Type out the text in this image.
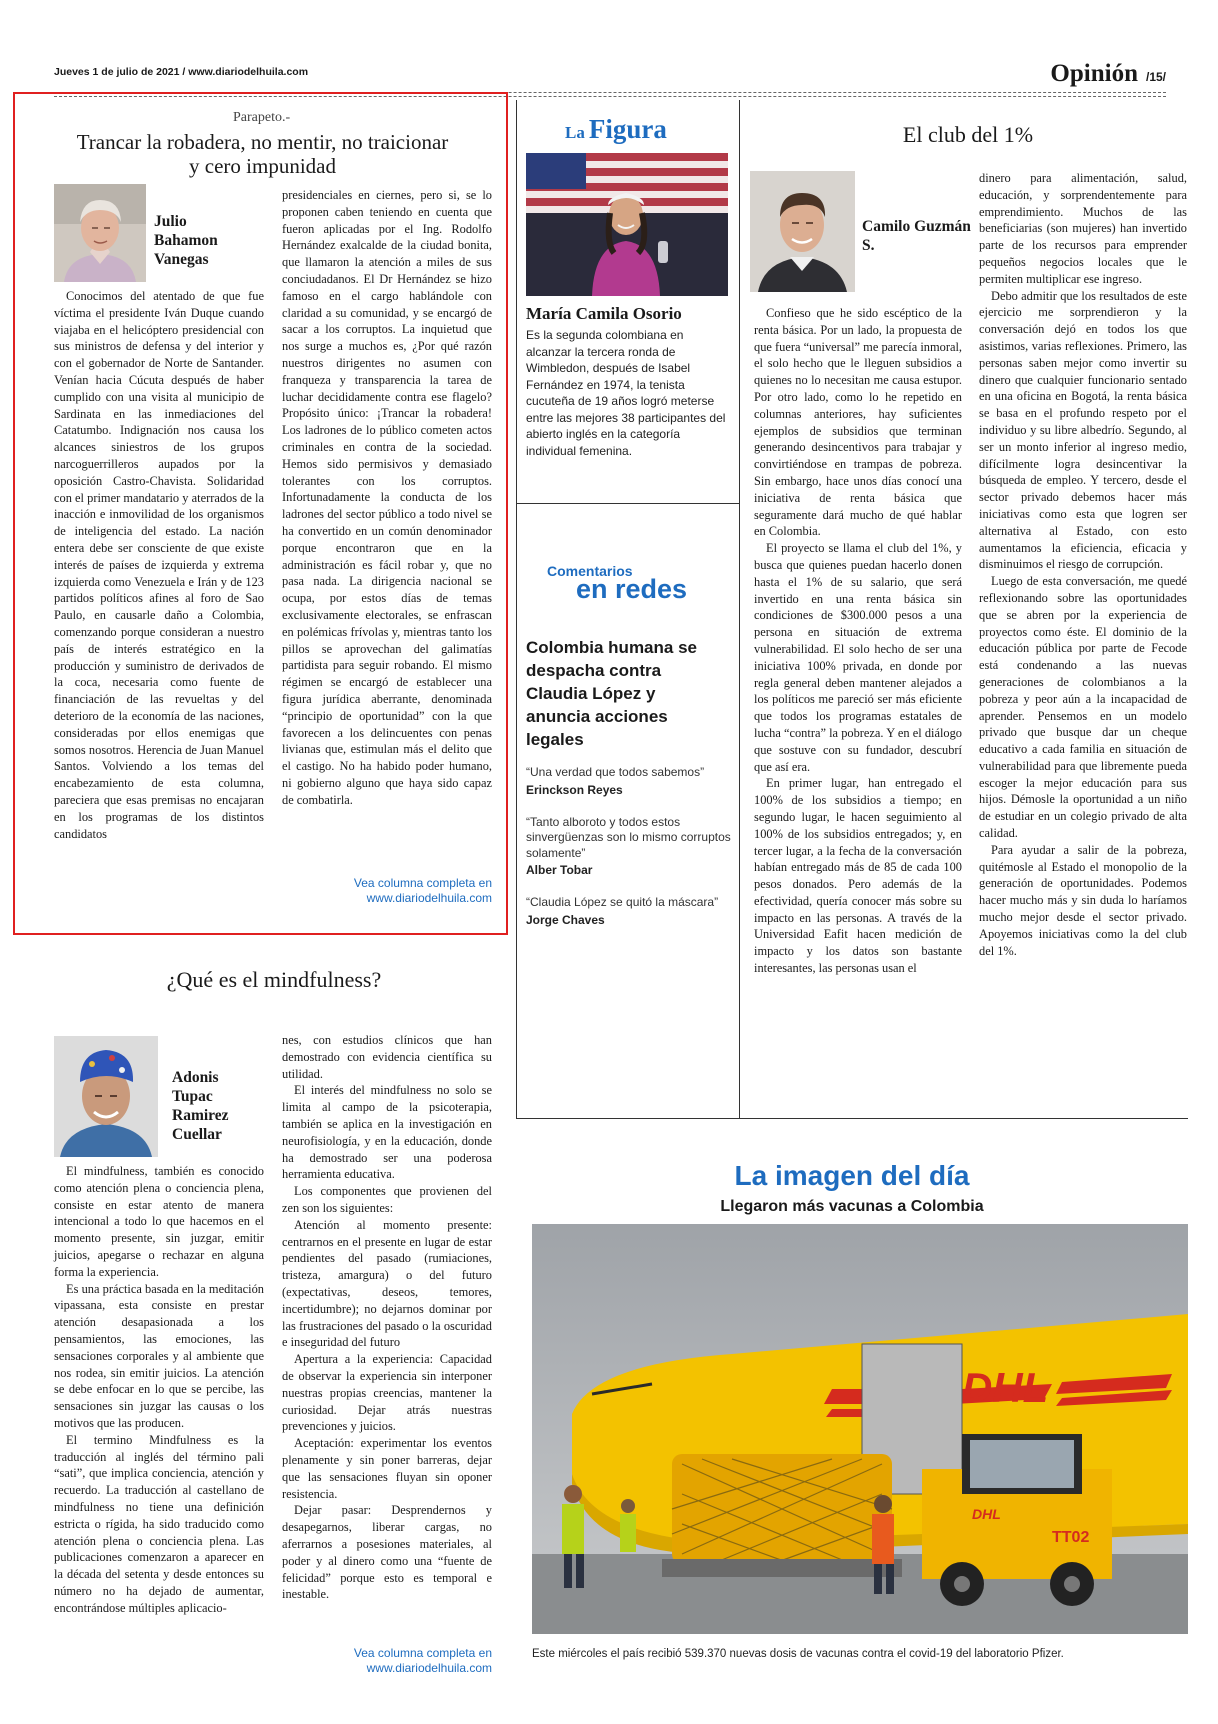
Jueves 1 de julio de 2021 / www.diariodelhuila.com	Opinión /15/
Parapeto.-
Trancar la robadera, no mentir, no traicionar y cero impunidad
Julio Bahamon Vanegas

Conocimos del atentado de que fue víctima el presidente Iván Duque cuando viajaba en el helicóptero presidencial con sus ministros de defensa y del interior y con el gobernador de Norte de Santander. Venían hacia Cúcuta después de haber cumplido con una visita al municipio de Sardinata en las inmediaciones del Catatumbo. Indignación nos causa los alcances siniestros de los grupos narcoguerrilleros aupados por la oposición Castro-Chavista. Solidaridad con el primer mandatario y aterrados de la inacción e inmovilidad de los organismos de inteligencia del estado. La nación entera debe ser consciente de que existe interés de países de izquierda y extrema izquierda como Venezuela e Irán y de 123 partidos políticos afines al foro de Sao Paulo, en causarle daño a Colombia, comenzando porque consideran a nuestro país de interés estratégico en la producción y suministro de derivados de la coca, necesaria como fuente de financiación de las revueltas y del deterioro de la economía de las naciones, consideradas por ellos enemigas que somos nosotros. Herencia de Juan Manuel Santos. Volviendo a los temas del encabezamiento de esta columna, pareciera que esas premisas no encajaran en los programas de los distintos candidatos

presidenciales en ciernes, pero si, se lo proponen caben teniendo en cuenta que fueron aplicadas por el Ing. Rodolfo Hernández exalcalde de la ciudad bonita, que llamaron la atención a miles de sus conciudadanos. El Dr Hernández se hizo famoso en el cargo hablándole con claridad a su comunidad, y se encargó de sacar a los corruptos. La inquietud que nos surge a muchos es, ¿Por qué razón nuestros dirigentes no asumen con franqueza y transparencia la tarea de luchar decididamente contra ese flagelo? Propósito único: ¡Trancar la robadera! Los ladrones de lo público cometen actos criminales en contra de la sociedad. Hemos sido permisivos y demasiado tolerantes con los corruptos. Infortunadamente la conducta de los ladrones del sector público a todo nivel se ha convertido en un común denominador porque encontraron que en la administración es fácil robar y, que no pasa nada. La dirigencia nacional se ocupa, por estos días de temas exclusivamente electorales, se enfrascan en polémicas frívolas y, mientras tanto los pillos se aprovechan del galimatías partidista para seguir robando. El mismo régimen se encargó de establecer una figura jurídica aberrante, denominada “principio de oportunidad” con la que favorecen a los delincuentes con penas livianas que, estimulan más el delito que el castigo. No ha habido poder humano, ni gobierno alguno que haya sido capaz de combatirla.

Vea columna completa en
www.diariodelhuila.com
La Figura
María Camila Osorio
Es la segunda colombiana en alcanzar la tercera ronda de Wimbledon, después de Isabel Fernández en 1974, la tenista cucuteña de 19 años logró meterse entre las mejores 38 participantes del abierto inglés en la categoría individual femenina.
Comentarios
en redes
Colombia humana se despacha contra Claudia López y anuncia acciones legales
“Una verdad que todos sabemos”
Erinckson Reyes
“Tanto alboroto y todos estos sinvergüenzas son lo mismo corruptos solamente”
Alber Tobar
“Claudia López se quitó la máscara”
Jorge Chaves
El club del 1%
Camilo Guzmán S.

Confieso que he sido escéptico de la renta básica. Por un lado, la propuesta de que fuera “universal” me parecía inmoral, el solo hecho que le lleguen subsidios a quienes no lo necesitan me causa estupor. Por otro lado, como lo he repetido en columnas anteriores, hay suficientes ejemplos de subsidios que terminan generando desincentivos para trabajar y convirtiéndose en trampas de pobreza. Sin embargo, hace unos días conocí una iniciativa de renta básica que seguramente dará mucho de qué hablar en Colombia.

El proyecto se llama el club del 1%, y busca que quienes puedan hacerlo donen hasta el 1% de su salario, que será invertido en una renta básica sin condiciones de $300.000 pesos a una persona en situación de extrema vulnerabilidad. El solo hecho de ser una iniciativa 100% privada, en donde por regla general deben mantener alejados a los políticos me pareció ser más eficiente que todos los programas estatales de lucha “contra” la pobreza. Y en el diálogo que sostuve con su fundador, descubrí que así era.

En primer lugar, han entregado el 100% de los subsidios a tiempo; en segundo lugar, le hacen seguimiento al 100% de los subsidios entregados; y, en tercer lugar, a la fecha de la conversación habían entregado más de 85 de cada 100 pesos donados. Pero además de la efectividad, quería conocer más sobre su impacto en las personas. A través de la Universidad Eafit hacen medición de impacto y los datos son bastante interesantes, las personas usan el

dinero para alimentación, salud, educación, y sorprendentemente para emprendimiento. Muchos de las beneficiarias (son mujeres) han invertido parte de los recursos para emprender pequeños negocios locales que le permiten multiplicar ese ingreso.

Debo admitir que los resultados de este ejercicio me sorprendieron y la conversación dejó en todos los que asistimos, varias reflexiones. Primero, las personas saben mejor como invertir su dinero que cualquier funcionario sentado en una oficina en Bogotá, la renta básica se basa en el profundo respeto por el individuo y su libre albedrío. Segundo, al ser un monto inferior al ingreso medio, difícilmente logra desincentivar la búsqueda de empleo. Y tercero, desde el sector privado debemos hacer más iniciativas como esta que logren ser alternativa al Estado, con esto aumentamos la eficiencia, eficacia y disminuimos el riesgo de corrupción.

Luego de esta conversación, me quedé reflexionando sobre las oportunidades que se abren por la experiencia de proyectos como éste. El dominio de la educación pública por parte de Fecode está condenando a las nuevas generaciones de colombianos a la pobreza y peor aún a la incapacidad de aprender. Pensemos en un modelo privado que busque dar un cheque educativo a cada familia en situación de vulnerabilidad para que libremente pueda escoger la mejor educación para sus hijos. Démosle la oportunidad a un niño de estudiar en un colegio privado de alta calidad.

Para ayudar a salir de la pobreza, quitémosle al Estado el monopolio de la generación de oportunidades. Podemos hacer mucho más y sin duda lo haríamos mucho mejor desde el sector privado. Apoyemos iniciativas como la del club del 1%.

¿Qué es el mindfulness?
Adonis Tupac Ramirez Cuellar

El mindfulness, también es conocido como atención plena o conciencia plena, consiste en estar atento de manera intencional a todo lo que hacemos en el momento presente, sin juzgar, emitir juicios, apegarse o rechazar en alguna forma la experiencia.

Es una práctica basada en la meditación vipassana, esta consiste en prestar atención desapasionada a los pensamientos, las emociones, las sensaciones corporales y al ambiente que nos rodea, sin emitir juicios. La atención se debe enfocar en lo que se percibe, las sensaciones sin juzgar las causas o los motivos que las producen.

El termino Mindfulness es la traducción al inglés del término pali “sati”, que implica conciencia, atención y recuerdo. La traducción al castellano de mindfulness no tiene una definición estricta o rígida, ha sido traducido como atención plena o conciencia plena. Las publicaciones comenzaron a aparecer en la década del setenta y desde entonces su número no ha dejado de aumentar, encontrándose múltiples aplicacio-

nes, con estudios clínicos que han demostrado con evidencia científica su utilidad.

El interés del mindfulness no solo se limita al campo de la psicoterapia, también se aplica en la investigación en neurofisiología, y en la educación, donde ha demostrado ser una poderosa herramienta educativa.

Los componentes que provienen del zen son los siguientes:

Atención al momento presente: centrarnos en el presente en lugar de estar pendientes del pasado (rumiaciones, tristeza, amargura) o del futuro (expectativas, deseos, temores, incertidumbre); no dejarnos dominar por las frustraciones del pasado o la oscuridad e inseguridad del futuro

Apertura a la experiencia: Capacidad de observar la experiencia sin interponer nuestras propias creencias, mantener la curiosidad. Dejar atrás nuestras prevenciones y juicios.

Aceptación: experimentar los eventos plenamente y sin poner barreras, dejar que las sensaciones fluyan sin oponer resistencia.

Dejar pasar: Desprendernos y desapegarnos, liberar cargas, no aferrarnos a posesiones materiales, al poder y al dinero como una “fuente de felicidad” porque esto es temporal e inestable.

Vea columna completa en
www.diariodelhuila.com
La imagen del día
Llegaron más vacunas a Colombia
DHL
DHL
TT02
Este miércoles el país recibió 539.370 nuevas dosis de vacunas contra el covid-19 del laboratorio Pfizer.
